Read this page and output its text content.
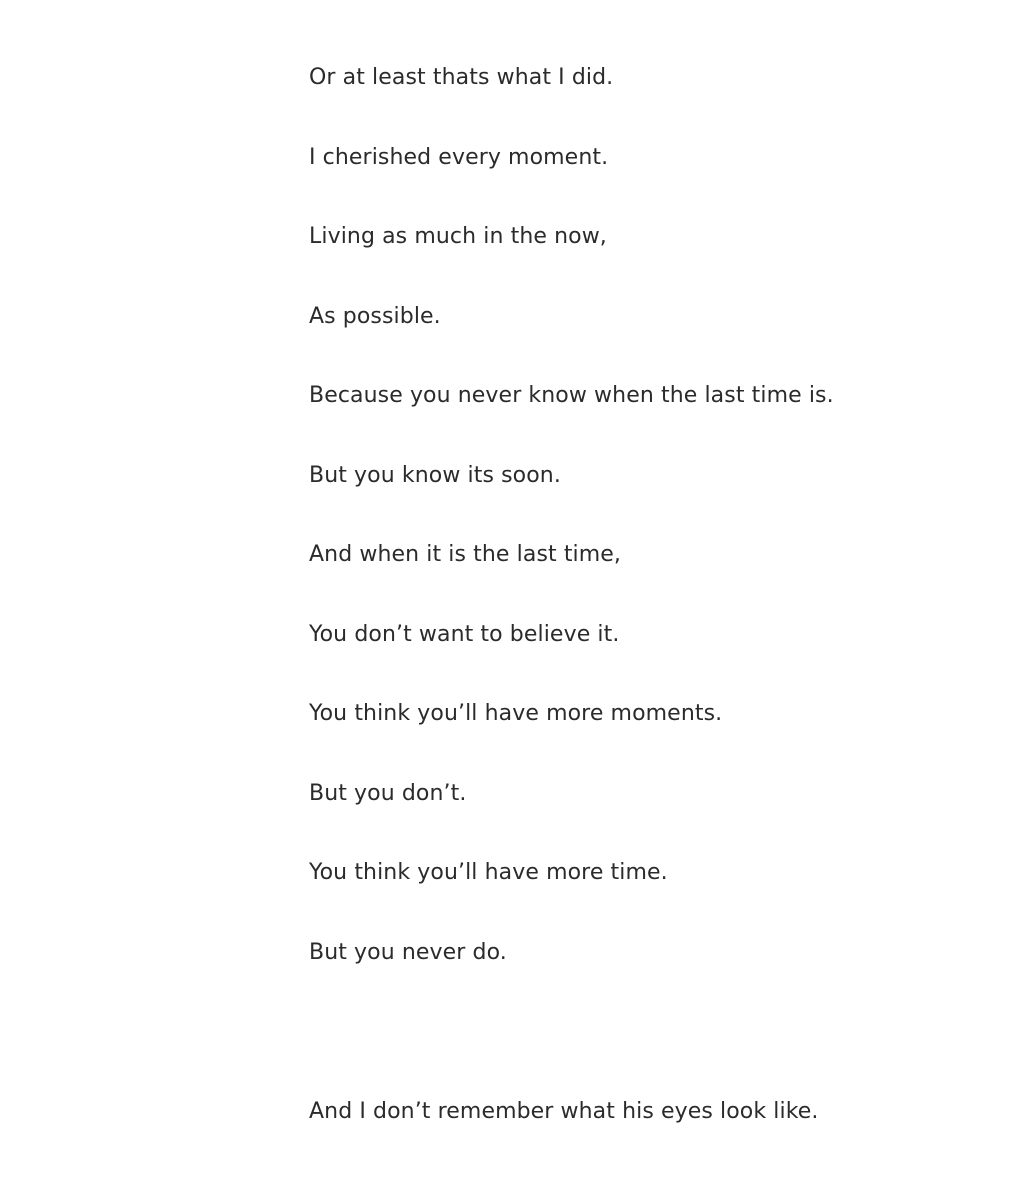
Or at least thats what I did.
I cherished every moment.
Living as much in the now,
As possible.
Because you never know when the last time is.
But you know its soon.
And when it is the last time,
You don’t want to believe it.
You think you’ll have more moments.
But you don’t.
You think you’ll have more time.
But you never do.
And I don’t remember what his eyes look like.
